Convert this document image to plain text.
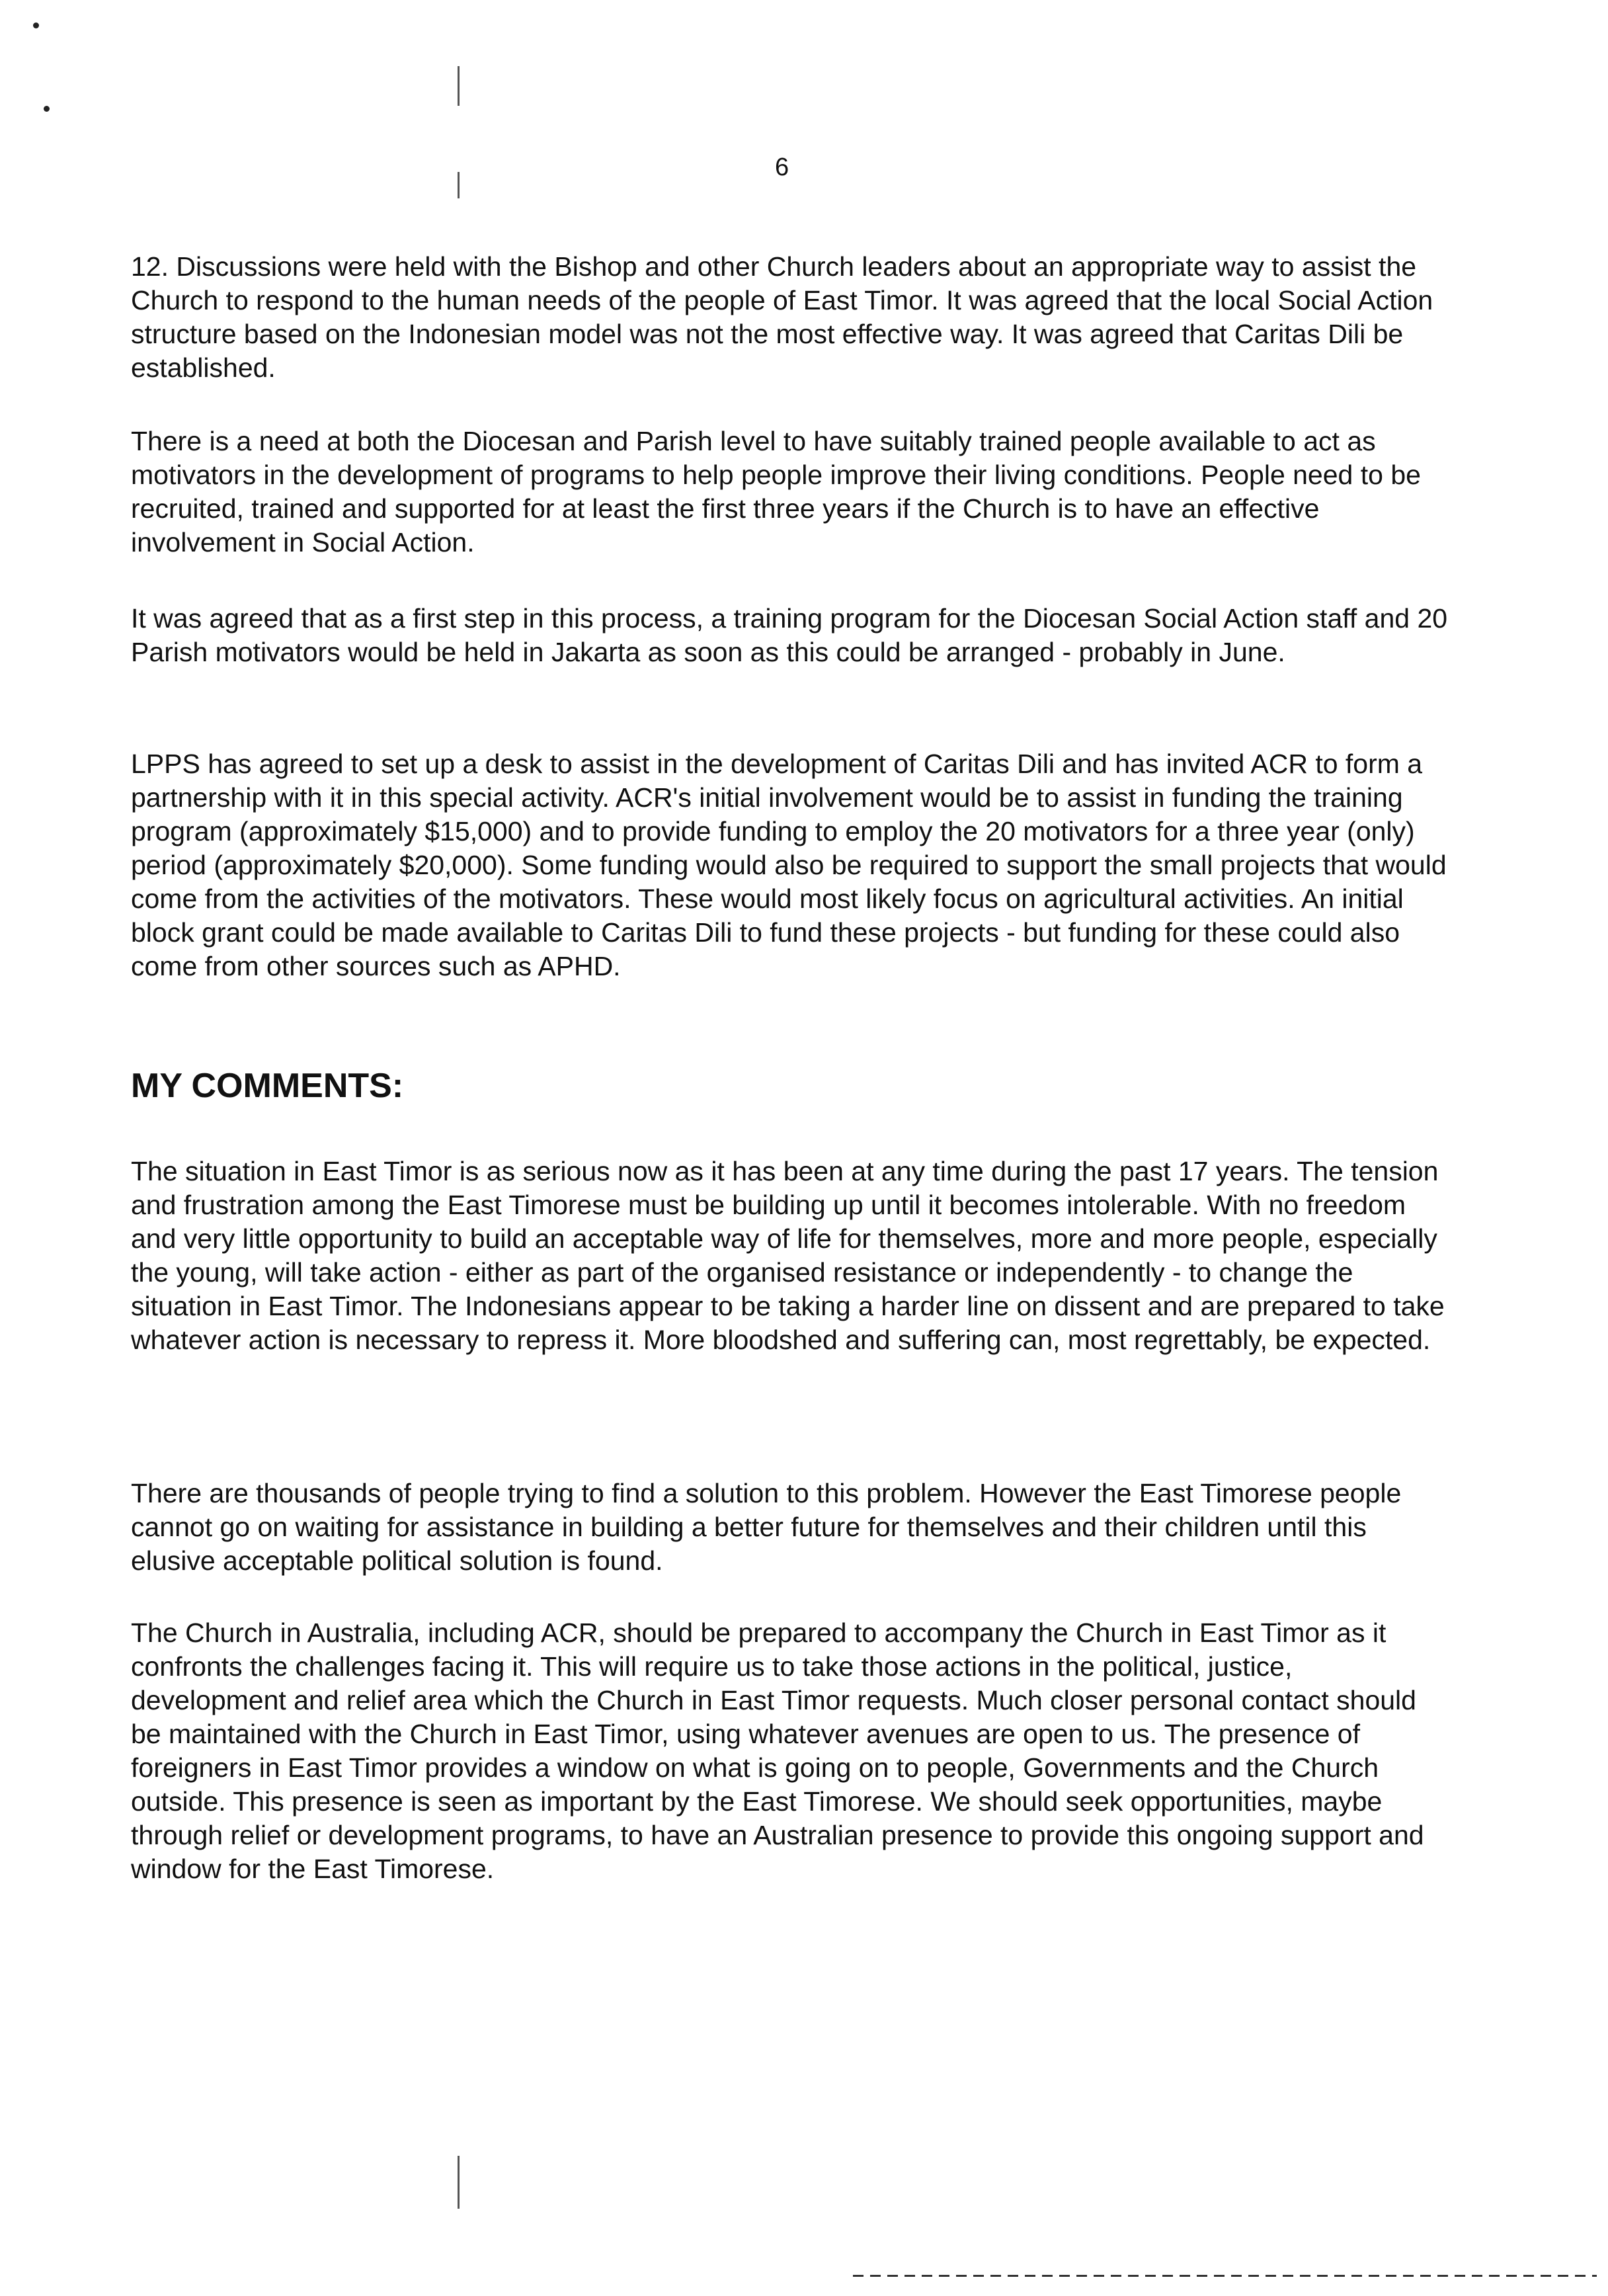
6

12. Discussions were held with the Bishop and other Church leaders about an appropriate way to assist the Church to respond to the human needs of the people of East Timor. It was agreed that the local Social Action structure based on the Indonesian model was not the most effective way. It was agreed that Caritas Dili be established.

There is a need at both the Diocesan and Parish level to have suitably trained people available to act as motivators in the development of programs to help people improve their living conditions. People need to be recruited, trained and supported for at least the first three years if the Church is to have an effective involvement in Social Action.

It was agreed that as a first step in this process, a training program for the Diocesan Social Action staff and 20 Parish motivators would be held in Jakarta as soon as this could be arranged - probably in June.

LPPS has agreed to set up a desk to assist in the development of Caritas Dili and has invited ACR to form a partnership with it in this special activity. ACR's initial involvement would be to assist in funding the training program (approximately $15,000) and to provide funding to employ the 20 motivators for a three year (only) period (approximately $20,000). Some funding would also be required to support the small projects that would come from the activities of the motivators. These would most likely focus on agricultural activities. An initial block grant could be made available to Caritas Dili to fund these projects - but funding for these could also come from other sources such as APHD.

MY COMMENTS:

The situation in East Timor is as serious now as it has been at any time during the past 17 years. The tension and frustration among the East Timorese must be building up until it becomes intolerable. With no freedom and very little opportunity to build an acceptable way of life for themselves, more and more people, especially the young, will take action - either as part of the organised resistance or independently - to change the situation in East Timor. The Indonesians appear to be taking a harder line on dissent and are prepared to take whatever action is necessary to repress it. More bloodshed and suffering can, most regrettably, be expected.

There are thousands of people trying to find a solution to this problem. However the East Timorese people cannot go on waiting for assistance in building a better future for themselves and their children until this elusive acceptable political solution is found.

The Church in Australia, including ACR, should be prepared to accompany the Church in East Timor as it confronts the challenges facing it. This will require us to take those actions in the political, justice, development and relief area which the Church in East Timor requests. Much closer personal contact should be maintained with the Church in East Timor, using whatever avenues are open to us. The presence of foreigners in East Timor provides a window on what is going on to people, Governments and the Church outside. This presence is seen as important by the East Timorese. We should seek opportunities, maybe through relief or development programs, to have an Australian presence to provide this ongoing support and window for the East Timorese.
